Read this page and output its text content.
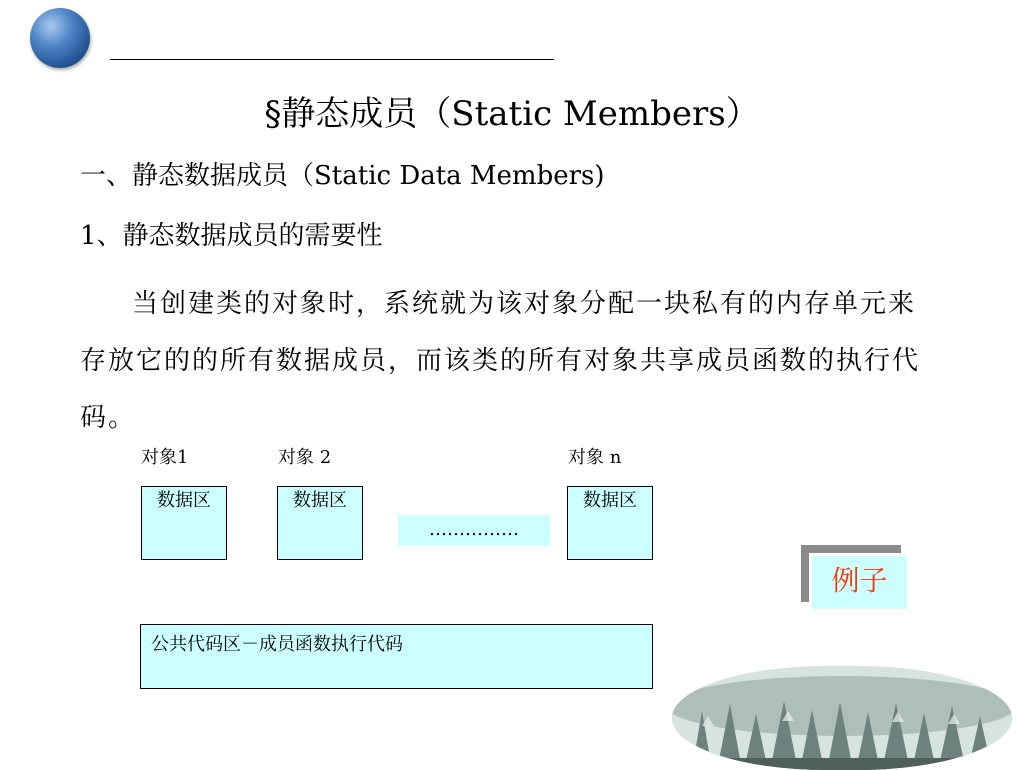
§静态成员（Static Members）
一、静态数据成员（Static Data Members)
1、静态数据成员的需要性
当创建类的对象时，系统就为该对象分配一块私有的内存单元来存放它的的所有数据成员，而该类的所有对象共享成员函数的执行代码。
对象1	对象 2	对象 n
数据区	数据区
……………
数据区
公共代码区－成员函数执行代码
例子
